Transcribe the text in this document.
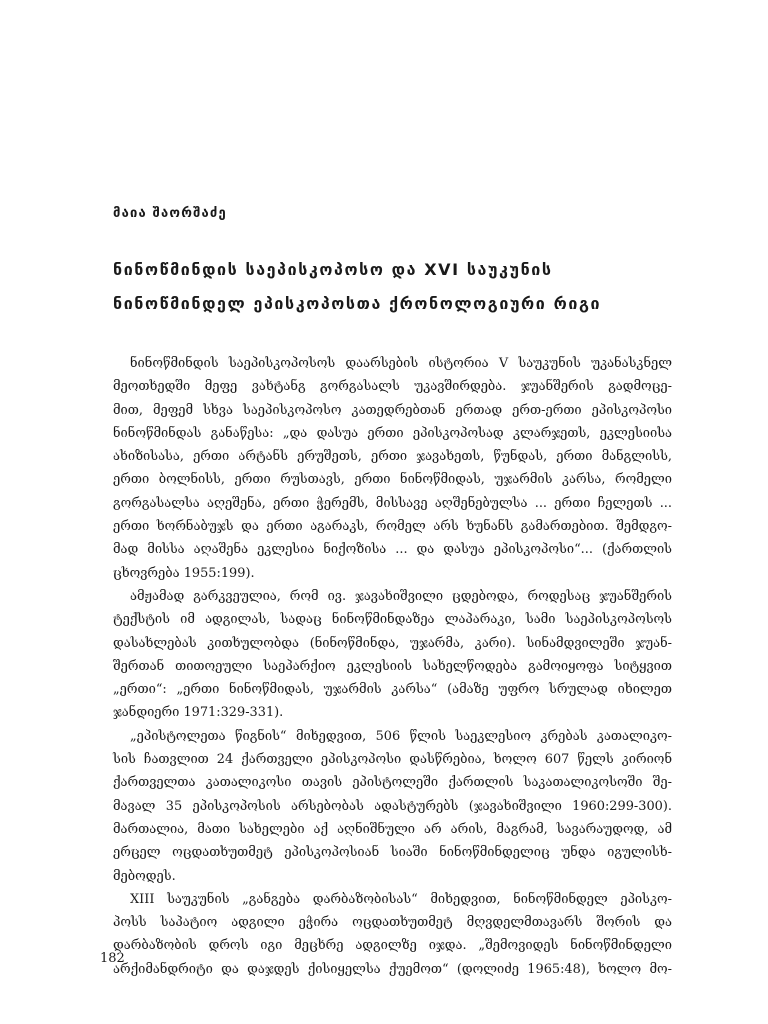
მაია შაორშაძე
ნინოწმინდის საეპისკოპოსო და XVI საუკუნის
ნინოწმინდელ ეპისკოპოსთა ქრონოლოგიური რიგი

ნინოწმინდის საეპისკოპოსოს დაარსების ისტორია V საუკუნის უკანასკნელ

მეოთხედში მეფე ვახტანგ გორგასალს უკავშირდება. ჯუანშერის გადმოცე-

მით, მეფემ სხვა საეპისკოპოსო კათედრებთან ერთად ერთ-ერთი ეპისკოპოსი

ნინოწმინდას განაწესა: „და დასუა ერთი ეპისკოპოსად კლარჯეთს, ეკლესიისა

ახიზისასა, ერთი არტანს ერუშეთს, ერთი ჯავახეთს, წუნდას, ერთი მანგლისს,

ერთი ბოლნისს, ერთი რუსთავს, ერთი ნინოწმიდას, უჯარმის კარსა, რომელი

გორგასალსა აღეშენა, ერთი ჭერემს, მისსავე აღშენებულსა ... ერთი ჩელეთს ...

ერთი ხორნაბუჯს და ერთი აგარაკს, რომელ არს ხუნანს გამართებით. შემდგო-

მად მისსა აღაშენა ეკლესია ნიქოზისა ... და დასუა ეპისკოპოსი“... (ქართლის

ცხოვრება 1955:199).

ამჟამად გარკვეულია, რომ ივ. ჯავახიშვილი ცდებოდა, როდესაც ჯუანშერის

ტექსტის იმ ადგილას, სადაც ნინოწმინდაზეა ლაპარაკი, სამი საეპისკოპოსოს

დასახლებას კითხულობდა (ნინოწმინდა, უჯარმა, კარი). სინამდვილეში ჯუან-

შერთან თითოეული საეპარქიო ეკლესიის სახელწოდება გამოიყოფა სიტყვით

„ერთი“: „ერთი ნინოწმიდას, უჯარმის კარსა“ (ამაზე უფრო სრულად იხილეთ

ჯანდიერი 1971:329-331).

„ეპისტოლეთა წიგნის“ მიხედვით, 506 წლის საეკლესიო კრებას კათალიკო-

სის ჩათვლით 24 ქართველი ეპისკოპოსი დასწრებია, ხოლო 607 წელს კირიონ

ქართველთა კათალიკოსი თავის ეპისტოლეში ქართლის საკათალიკოსოში შე-

მავალ 35 ეპისკოპოსის არსებობას ადასტურებს (ჯავახიშვილი 1960:299-300).

მართალია, მათი სახელები აქ აღნიშნული არ არის, მაგრამ, სავარაუდოდ, ამ

ერცელ ოცდათხუთმეტ ეპისკოპოსიან სიაში ნინოწმინდელიც უნდა იგულისხ-

მებოდეს.

XIII საუკუნის „განგება დარბაზობისას“ მიხედვით, ნინოწმინდელ ეპისკო-

პოსს საპატიო ადგილი ეჭირა ოცდათხუთმეტ მღვდელმთავარს შორის და

დარბაზობის დროს იგი მეცხრე ადგილზე იჯდა. „შემოვიდეს ნინოწმინდელი

არქიმანდრიტი და დაჯდეს ქისიყელსა ქუემოთ“ (დოლიძე 1965:48), ხოლო მო-

182
